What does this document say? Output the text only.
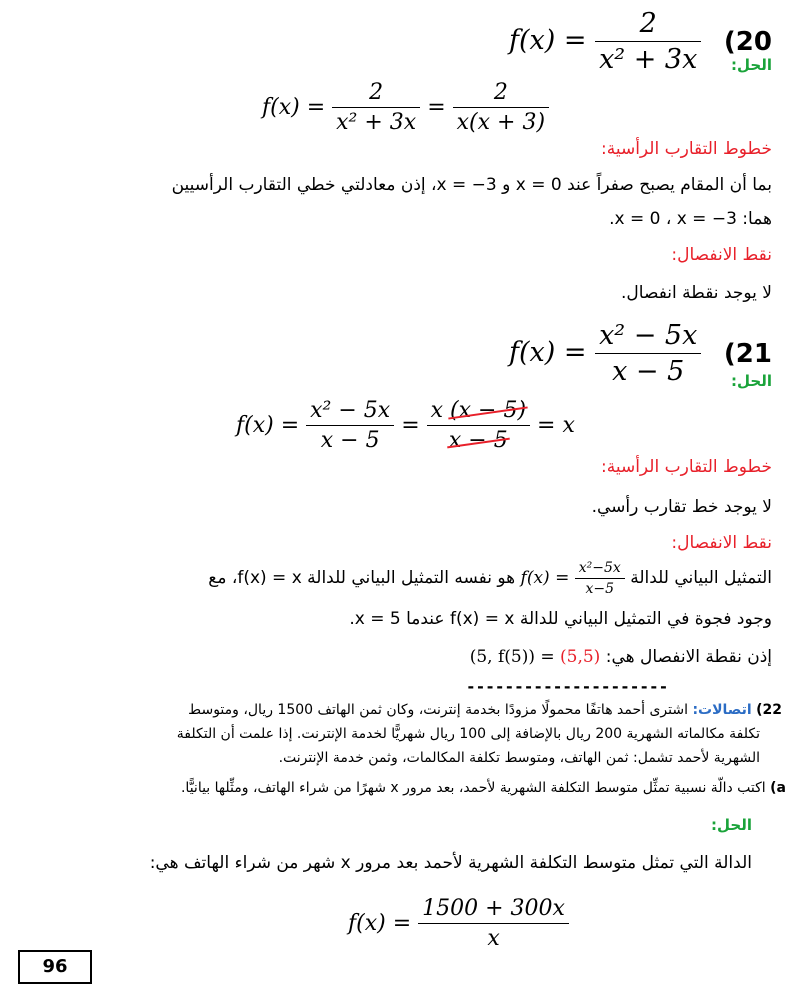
$f(x) = \frac{2}{\text{x² + 3x}} (20$
الحل:
$f(x) = \frac{2}{\text{x² + 3x}} = \frac{2}{x(x + 3)}$
خطوط التقارب الرأسية:
بما أن المقام يصبح صفراً عند x = 0 و x = −3، إذن معادلتي خطي التقارب الرأسيين
هما: x = 0 ، x = −3.
نقط الانفصال:
لا يوجد نقطة انفصال.
$f(x) = \frac{\text{x² − 5x}}{x - 5} (21$
الحل:
$f(x) = \frac{\text{x² − 5x}}{x - 5} = \frac{x (x - 5)}{x - 5} = x$
خطوط التقارب الرأسية:
لا يوجد خط تقارب رأسي.
نقط الانفصال:
التمثيل البياني للدالة $f(x) = \frac{\text{x²−5x}}{x-5}$
هو نفسه التمثيل البياني للدالة f(x) = x، مع
وجود فجوة في التمثيل البياني للدالة f(x) = x عندما x = 5.
إذن نقطة الانفصال هي: (5, f(5)) = (5,5)
---------------------
22) اتصالات: اشترى أحمد هاتفًا محمولًا مزودًا بخدمة إنترنت، وكان ثمن الهاتف 1500 ريال، ومتوسط
تكلفة مكالماته الشهرية 200 ريال بالإضافة إلى 100 ريال شهريًّا لخدمة الإنترنت. إذا علمت أن التكلفة
الشهرية لأحمد تشمل: ثمن الهاتف، ومتوسط تكلفة المكالمات، وثمن خدمة الإنترنت.
a) اكتب دالّة نسبية تمثِّل متوسط التكلفة الشهرية لأحمد، بعد مرور x شهرًا من شراء الهاتف، ومثِّلها بيانيًّا.
الحل:
الدالة التي تمثل متوسط التكلفة الشهرية لأحمد بعد مرور x شهر من شراء الهاتف هي:
$f(x) = \frac{1500 + 300x}{x}$
96
